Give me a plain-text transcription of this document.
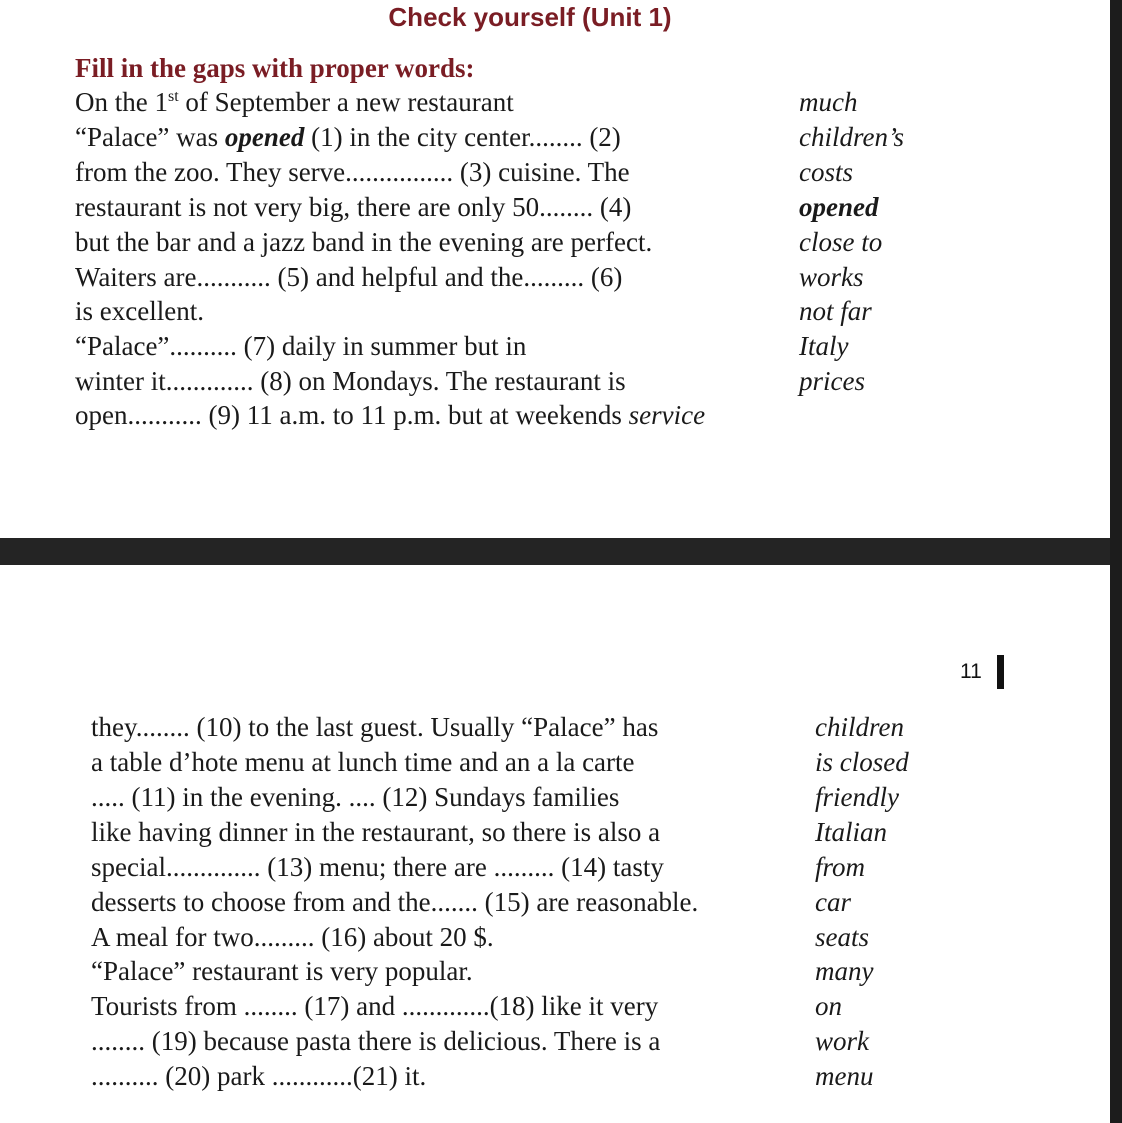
Check yourself (Unit 1)
Fill in the gaps with proper words:

On the 1st of September a new restaurant

“Palace” was opened (1) in the city center........ (2)

from the zoo. They serve................ (3) cuisine. The

restaurant is not very big, there are only 50........ (4)

but the bar and a jazz band in the evening are perfect.

Waiters are........... (5) and helpful and the......... (6)

is excellent.

“Palace”.......... (7) daily in summer but in

winter it............. (8) on Mondays. The restaurant is

open........... (9) 11 a.m. to 11 p.m. but at weekends service

much

children’s

costs

opened

close to

works

not far

Italy

prices

11

they........ (10) to the last guest. Usually “Palace” has

a table d’hote menu at lunch time and an a la carte

..... (11) in the evening. .... (12) Sundays families

like having dinner in the restaurant, so there is also a

special.............. (13) menu; there are ......... (14) tasty

desserts to choose from and the....... (15) are reasonable.

A meal for two......... (16) about 20 $.

“Palace” restaurant is very popular.

Tourists from ........ (17) and .............(18) like it very

........ (19) because pasta there is delicious. There is a

.......... (20) park ............(21) it.

children

is closed

friendly

Italian

from

car

seats

many

on

work

menu
